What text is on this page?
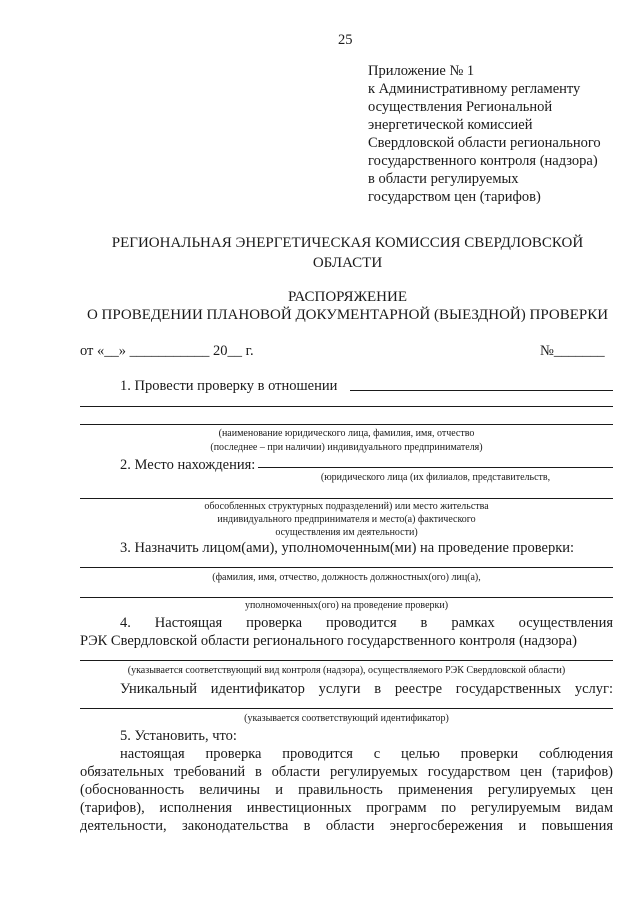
25
Приложение № 1
к Административному регламенту
осуществления Региональной
энергетической комиссией
Свердловской области регионального
государственного контроля (надзора)
в области регулируемых
государством цен (тарифов)
РЕГИОНАЛЬНАЯ ЭНЕРГЕТИЧЕСКАЯ КОМИССИЯ СВЕРДЛОВСКОЙ
ОБЛАСТИ
РАСПОРЯЖЕНИЕ
О ПРОВЕДЕНИИ ПЛАНОВОЙ ДОКУМЕНТАРНОЙ (ВЫЕЗДНОЙ) ПРОВЕРКИ
от «__» ___________ 20__ г.	№_______
1. Провести проверку в отношении
(наименование юридического лица, фамилия, имя, отчество
(последнее – при наличии) индивидуального предпринимателя)
2. Место нахождения:
(юридического лица (их филиалов, представительств,
обособленных структурных подразделений) или место жительства
индивидуального предпринимателя и место(а) фактического
осуществления им деятельности)
3. Назначить лицом(ами), уполномоченным(ми) на проведение проверки:
(фамилия, имя, отчество, должность должностных(ого) лиц(а),
уполномоченных(ого) на проведение проверки)
4. Настоящая проверка проводится в рамках осуществления
РЭК Свердловской области регионального государственного контроля (надзора)
(указывается соответствующий вид контроля (надзора), осуществляемого РЭК Свердловской области)
Уникальный идентификатор услуги в реестре государственных услуг:
(указывается соответствующий идентификатор)
5. Установить, что:
настоящая проверка проводится с целью проверки соблюдения
обязательных требований в области регулируемых государством цен (тарифов)
(обоснованность величины и правильность применения регулируемых цен
(тарифов), исполнения инвестиционных программ по регулируемым видам
деятельности, законодательства в области энергосбережения и повышения
